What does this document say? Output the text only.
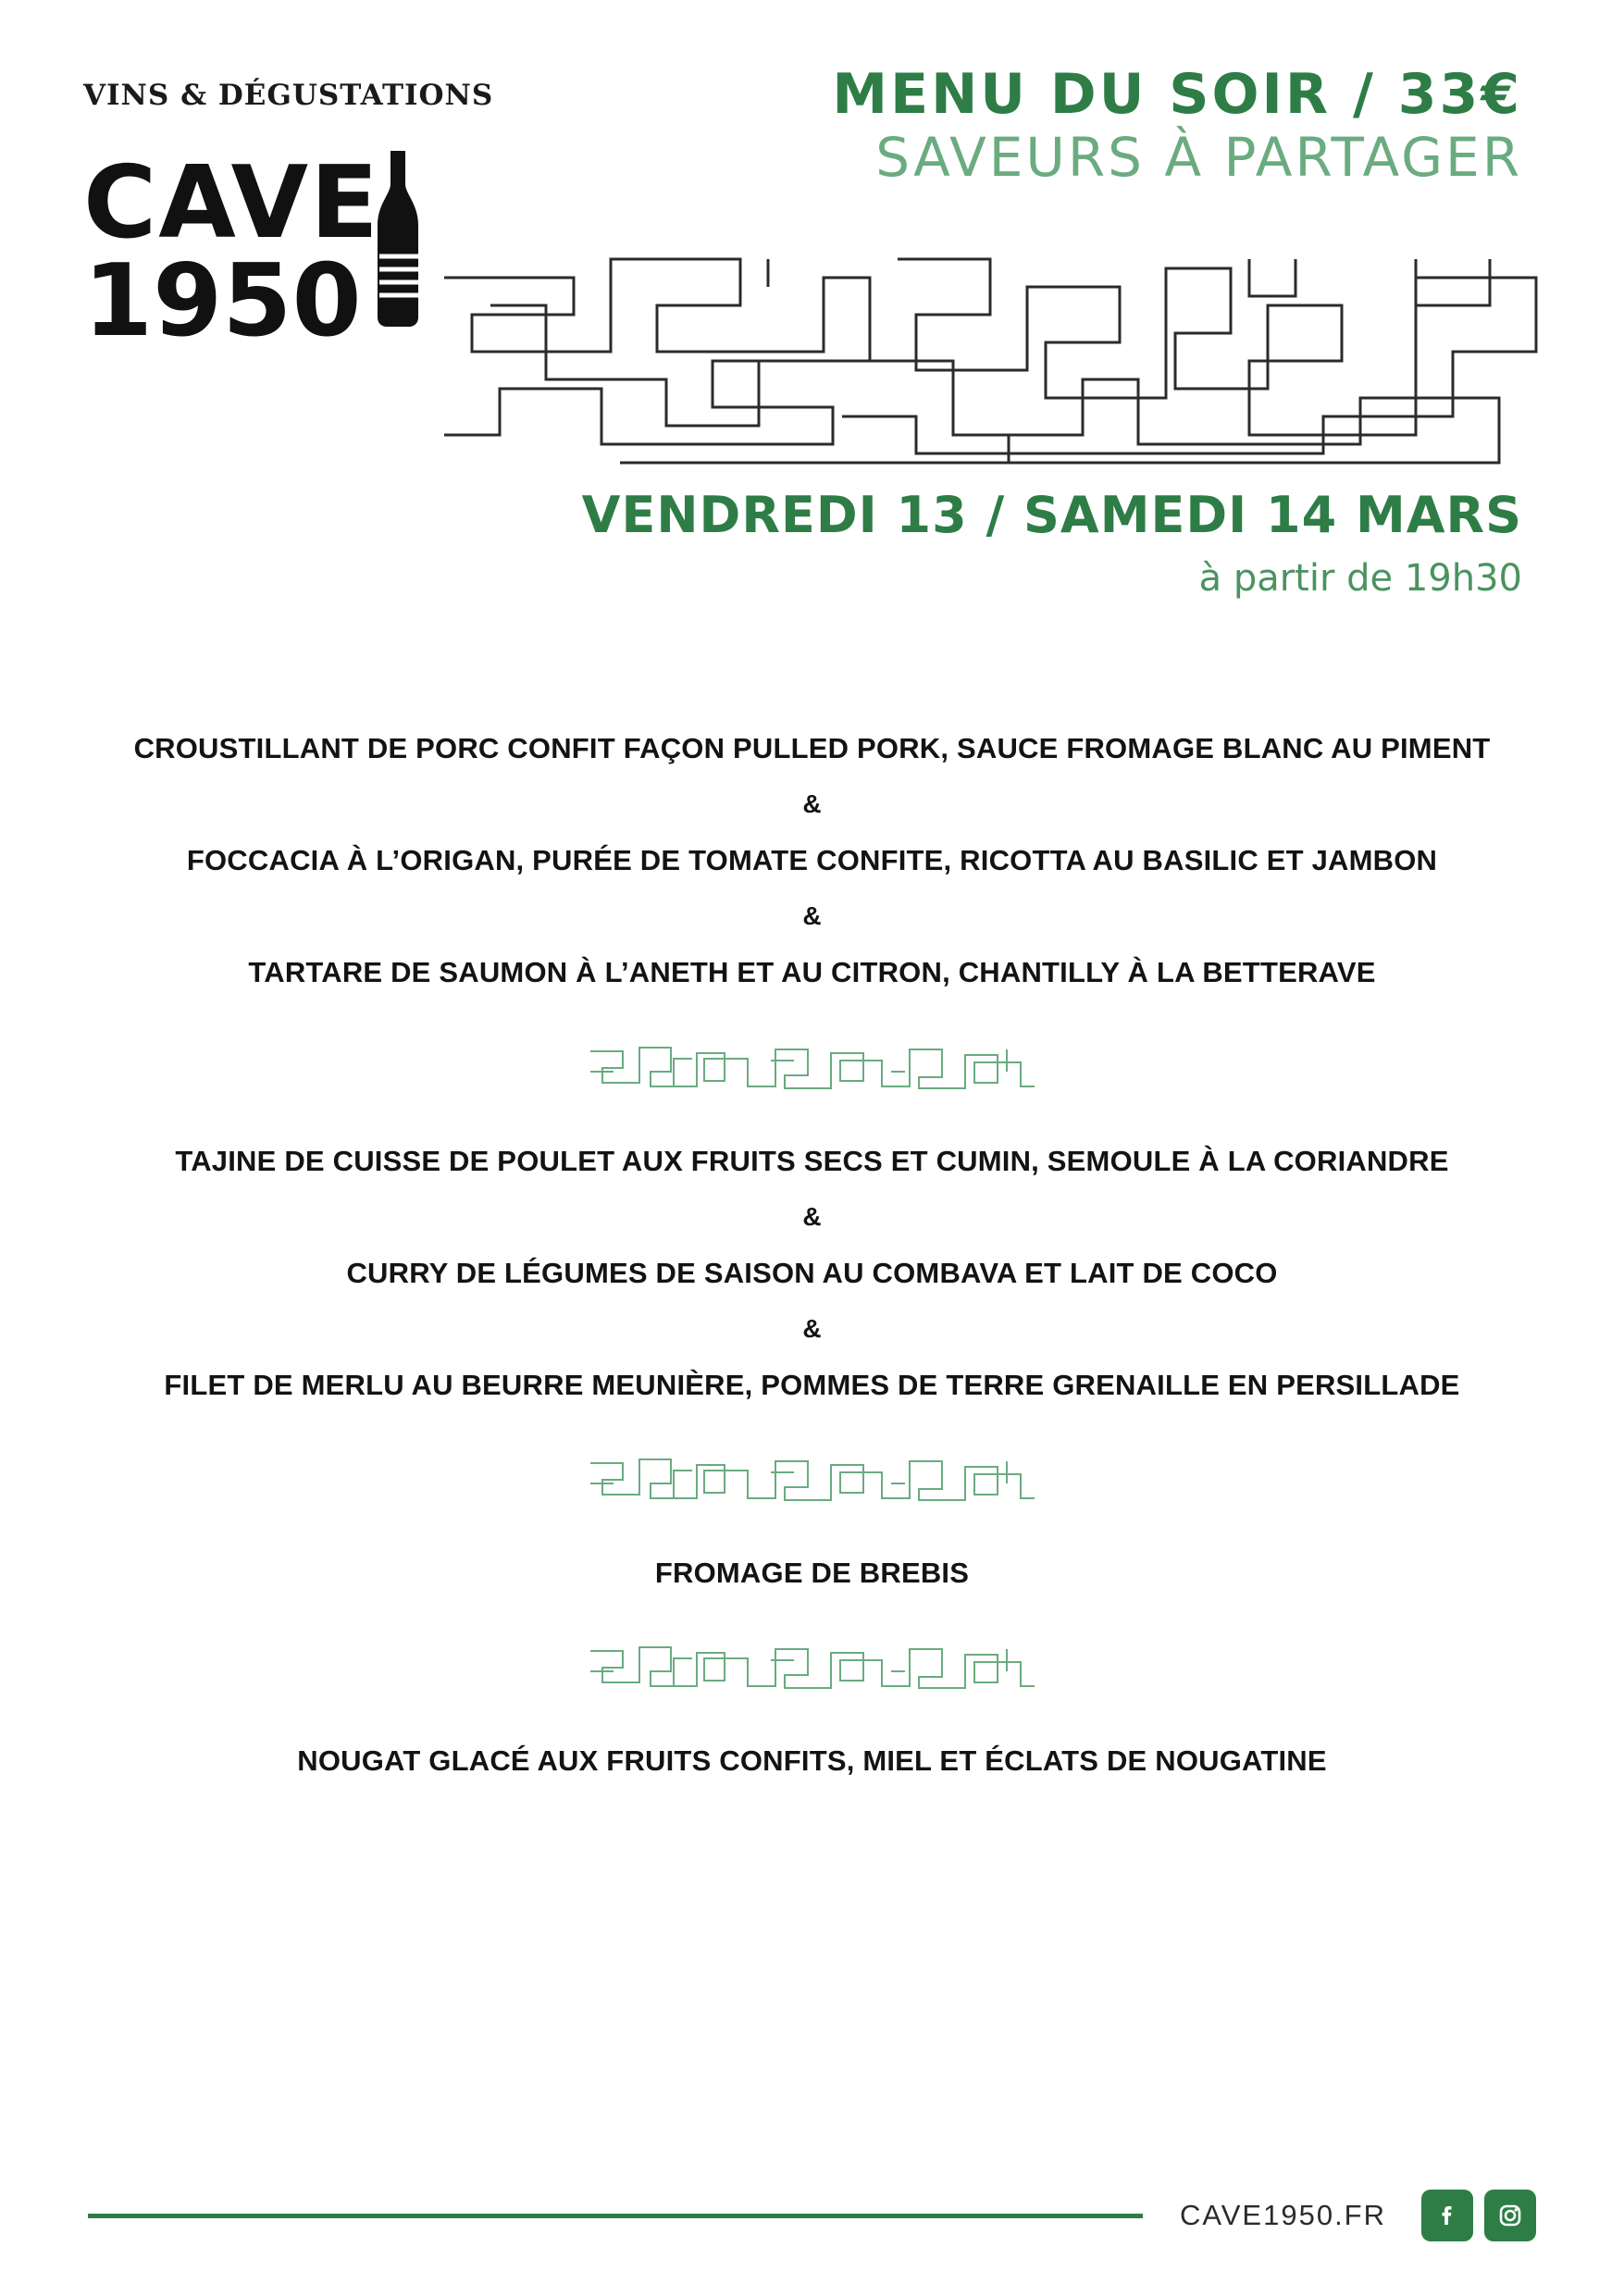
VINS & DÉGUSTATIONS
CAVE
1950
MENU DU SOIR / 33€
SAVEURS À PARTAGER
VENDREDI 13 / SAMEDI 14 MARS
à partir de 19h30
CROUSTILLANT DE PORC CONFIT FAÇON PULLED PORK, SAUCE FROMAGE BLANC AU PIMENT
&
FOCCACIA À L’ORIGAN, PURÉE DE TOMATE CONFITE, RICOTTA AU BASILIC ET JAMBON
&
TARTARE DE SAUMON À L’ANETH ET AU CITRON, CHANTILLY À LA BETTERAVE
TAJINE DE CUISSE DE POULET AUX FRUITS SECS ET CUMIN, SEMOULE À LA CORIANDRE
&
CURRY DE LÉGUMES DE SAISON AU COMBAVA ET LAIT DE COCO
&
FILET DE MERLU AU BEURRE MEUNIÈRE, POMMES DE TERRE GRENAILLE EN PERSILLADE
FROMAGE DE BREBIS
NOUGAT GLACÉ AUX FRUITS CONFITS, MIEL ET ÉCLATS DE NOUGATINE
CAVE1950.FR
